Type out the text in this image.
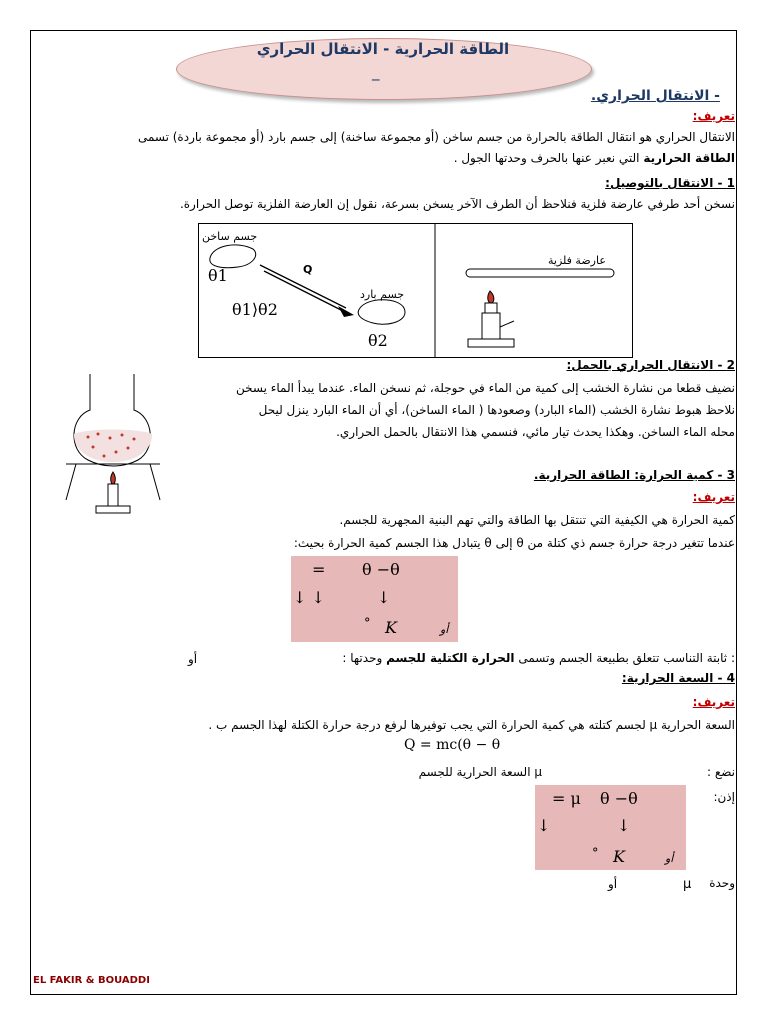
الطاقة الحرارية - الانتقال الحراري
_
- الانتقال الحراري.
تعريف:
الانتقال الحراري هو انتقال الطاقة بالحرارة من جسم ساخن (أو مجموعة ساخنة) إلى جسم بارد (أو مجموعة باردة) تسمى
الطاقة الحرارية التي نعبر عنها بالحرف وحدتها الجول .
1 - الانتقال بالتوصيل:
نسخن أحد طرفي عارضة فلزية فنلاحظ أن الطرف الآخر يسخن بسرعة، نقول إن العارضة الفلزية توصل الحرارة.
جسم ساخن
θ1	Q
θ1⟩θ2
جسم بارد
θ2
عارضة فلزية
2 - الانتقال الحراري بالحمل:
نضيف قطعا من نشارة الخشب إلى كمية من الماء في حوجلة، ثم نسخن الماء. عندما يبدأ الماء يسخن
نلاحظ هبوط نشارة الخشب (الماء البارد) وصعودها ( الماء الساخن)، أي أن الماء البارد ينزل ليحل
محله الماء الساخن. وهكذا يحدث تيار مائي، فنسمي هذا الانتقال بالحمل الحراري.
3 - كمية الحرارة: الطاقة الحرارية.
تعريف:
كمية الحرارة هي الكيفية التي تنتقل بها الطاقة والتي تهم البنية المجهرية للجسم.
عندما تتغير درجة حرارة جسم ذي كتلة من θ إلى θ يتبادل هذا الجسم كمية الحرارة بحيث:
= θ −θ
↓ ↓	↓
° K	أو
: ثابتة التناسب تتعلق بطبيعة الجسم وتسمى الحرارة الكتلية للجسم وحدتها :
أو
4 - السعة الحرارية:
تعريف:
السعة الحرارية μ لجسم كتلته هي كمية الحرارة التي يجب توفيرها لرفع درجة حرارة الكتلة لهذا الجسم ب .
Q = mc(θ − θ
نضع :
μ السعة الحرارية للجسم
إذن:
= μ θ −θ
↓	↓
° K	أو
وحدة
μ
أو
EL FAKIR & BOUADDI
